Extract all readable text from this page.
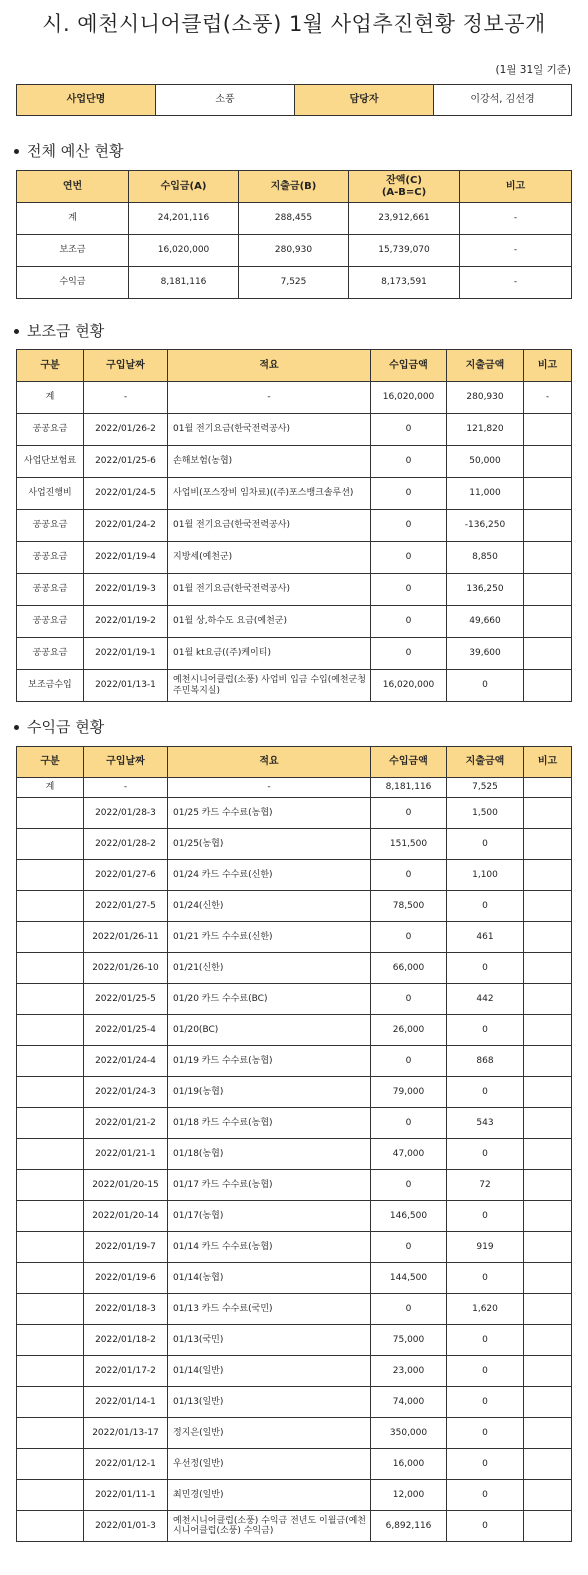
시. 예천시니어클럽(소풍) 1월 사업추진현황 정보공개
(1월 31일 기준)
사업단명	소풍	담당자	이강석, 김선경
전체 예산 현황
연번	수입금(A)	지출금(B)	잔액(C)
(A-B=C)	비고
계	24,201,116	288,455	23,912,661	-
보조금	16,020,000	280,930	15,739,070	-
수익금	8,181,116	7,525	8,173,591	-
보조금 현황
구분	구입날짜	적요	수입금액	지출금액	비고
계	-	-	16,020,000	280,930	-
공공요금	2022/01/26-2	01월 전기요금(한국전력공사)	0	121,820	
사업단보험료	2022/01/25-6	손해보험(농협)	0	50,000	
사업진행비	2022/01/24-5	사업비(포스장비 임차료)((주)포스뱅크솔루션)	0	11,000	
공공요금	2022/01/24-2	01월 전기요금(한국전력공사)	0	-136,250	
공공요금	2022/01/19-4	지방세(예천군)	0	8,850	
공공요금	2022/01/19-3	01월 전기요금(한국전력공사)	0	136,250	
공공요금	2022/01/19-2	01월 상,하수도 요금(예천군)	0	49,660	
공공요금	2022/01/19-1	01월 kt요금((주)케이티)	0	39,600	
보조금수입	2022/01/13-1	예천시니어클럽(소풍) 사업비 입금 수입(예천군청 주민복지실)	16,020,000	0	
수익금 현황
구분	구입날짜	적요	수입금액	지출금액	비고
계	-	-	8,181,116	7,525	
	2022/01/28-3	01/25 카드 수수료(농협)	0	1,500	
	2022/01/28-2	01/25(농협)	151,500	0	
	2022/01/27-6	01/24 카드 수수료(신한)	0	1,100	
	2022/01/27-5	01/24(신한)	78,500	0	
	2022/01/26-11	01/21 카드 수수료(신한)	0	461	
	2022/01/26-10	01/21(신한)	66,000	0	
	2022/01/25-5	01/20 카드 수수료(BC)	0	442	
	2022/01/25-4	01/20(BC)	26,000	0	
	2022/01/24-4	01/19 카드 수수료(농협)	0	868	
	2022/01/24-3	01/19(농협)	79,000	0	
	2022/01/21-2	01/18 카드 수수료(농협)	0	543	
	2022/01/21-1	01/18(농협)	47,000	0	
	2022/01/20-15	01/17 카드 수수료(농협)	0	72	
	2022/01/20-14	01/17(농협)	146,500	0	
	2022/01/19-7	01/14 카드 수수료(농협)	0	919	
	2022/01/19-6	01/14(농협)	144,500	0	
	2022/01/18-3	01/13 카드 수수료(국민)	0	1,620	
	2022/01/18-2	01/13(국민)	75,000	0	
	2022/01/17-2	01/14(일반)	23,000	0	
	2022/01/14-1	01/13(일반)	74,000	0	
	2022/01/13-17	정지은(일반)	350,000	0	
	2022/01/12-1	우선정(일반)	16,000	0	
	2022/01/11-1	최민경(일반)	12,000	0	
	2022/01/01-3	예천시니어클럽(소풍) 수익금 전년도 이월금(예천시니어클럽(소풍) 수익금)	6,892,116	0	
